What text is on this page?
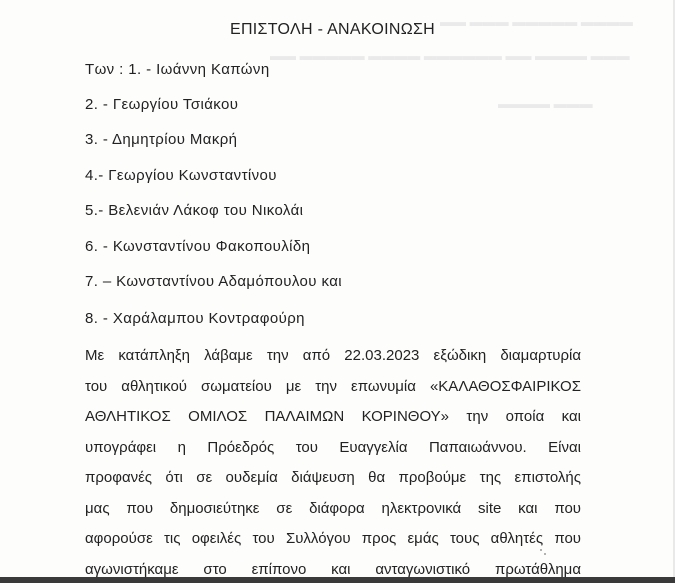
▬▬▬▬ ▬▬▬▬▬ ▬▬▬ ▬▬
▬▬▬ ▬▬▬▬ ▬▬ ▬▬▬▬▬▬ ▬▬▬▬ ▬▬▬▬▬ ▬▬
▬▬▬ ▬▬▬▬
ΕΠΙΣΤΟΛΗ - ΑΝΑΚΟΙΝΩΣΗ
Των : 1. - Ιωάννη Καπώνη
2. - Γεωργίου Τσιάκου
3. - Δημητρίου Μακρή
4.- Γεωργίου Κωνσταντίνου
5.- Βελενιάν Λάκοφ του Νικολάι
6. - Κωνσταντίνου Φακοπουλίδη
7. – Κωνσταντίνου Αδαμόπουλου και
8. - Χαράλαμπου Κοντραφούρη
Με κατάπληξη λάβαμε την από 22.03.2023 εξώδικη διαμαρτυρία
του αθλητικού σωματείου με την επωνυμία «ΚΑΛΑΘΟΣΦΑΙΡΙΚΟΣ
ΑΘΛΗΤΙΚΟΣ ΟΜΙΛΟΣ ΠΑΛΑΙΜΩΝ ΚΟΡΙΝΘΟΥ» την οποία και
υπογράφει η Πρόεδρός του Ευαγγελία Παπαιωάννου. Είναι
προφανές ότι σε ουδεμία διάψευση θα προβούμε της επιστολής
μας που δημοσιεύτηκε σε διάφορα ηλεκτρονικά site και που
αφορούσε τις οφειλές του Συλλόγου προς εμάς τους αθλητές που
αγωνιστήκαμε στο επίπονο και ανταγωνιστικό πρωτάθλημα
